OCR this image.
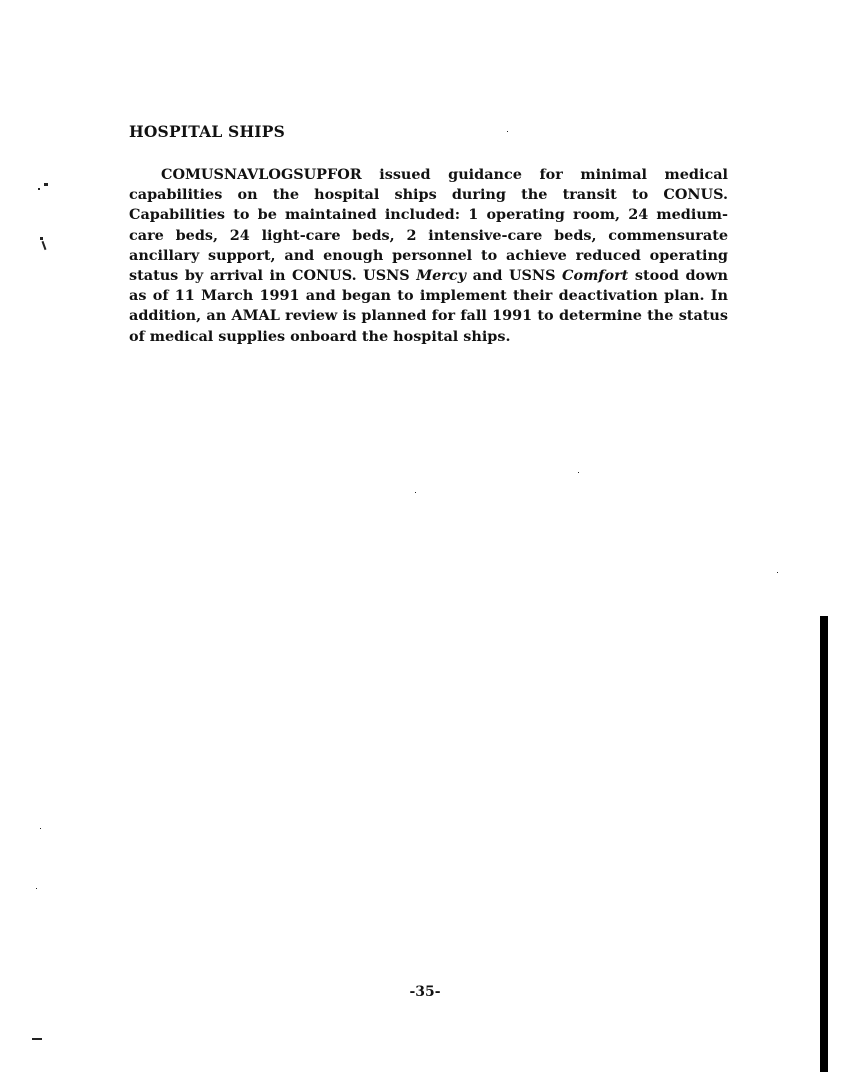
HOSPITAL SHIPS

COMUSNAVLOGSUPFOR issued guidance for minimal medical capabilities on the hospital ships during the transit to CONUS. Capabilities to be maintained included: 1 operating room, 24 medium-care beds, 24 light-care beds, 2 intensive-care beds, commensurate ancillary support, and enough personnel to achieve reduced operating status by arrival in CONUS. USNS Mercy and USNS Comfort stood down as of 11 March 1991 and began to implement their deactivation plan. In addition, an AMAL review is planned for fall 1991 to determine the status of medical supplies onboard the hospital ships.

-35-
